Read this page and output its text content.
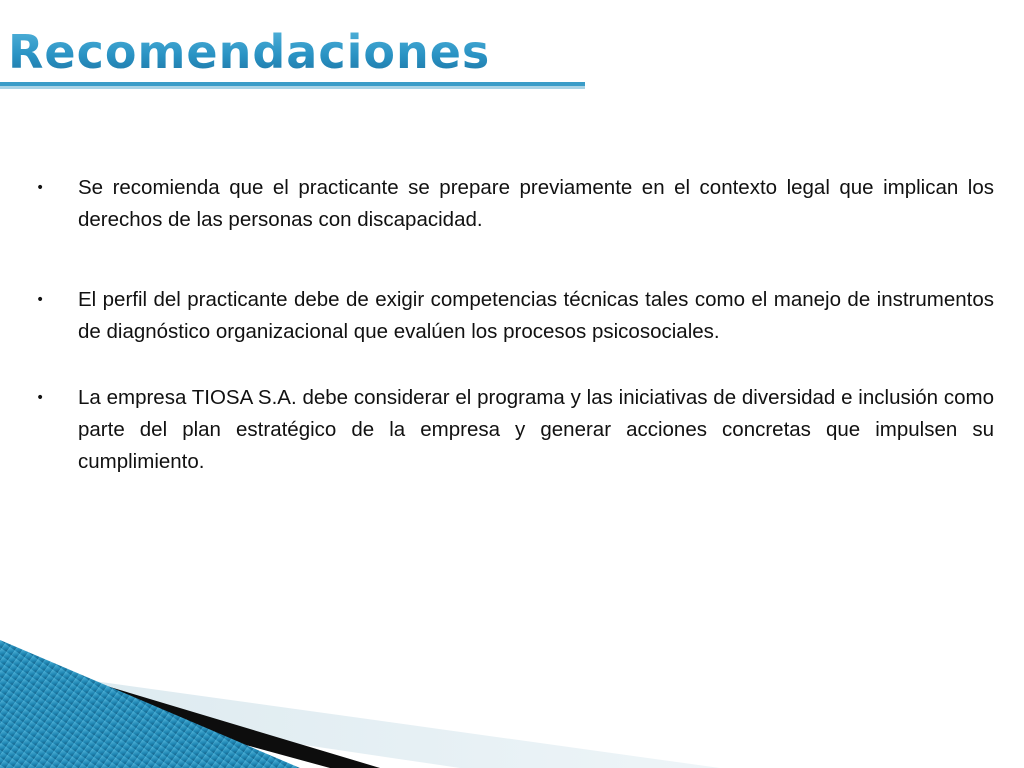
Recomendaciones
• Se recomienda que el practicante se prepare previamente en el contexto legal que implican los derechos de las personas con discapacidad.
• El perfil del practicante debe de exigir competencias técnicas tales como el manejo de instrumentos de diagnóstico organizacional que evalúen los procesos psicosociales.
• La empresa TIOSA S.A. debe considerar el programa y las iniciativas de diversidad e inclusión como parte del plan estratégico de la empresa y generar acciones concretas que impulsen su cumplimiento.
